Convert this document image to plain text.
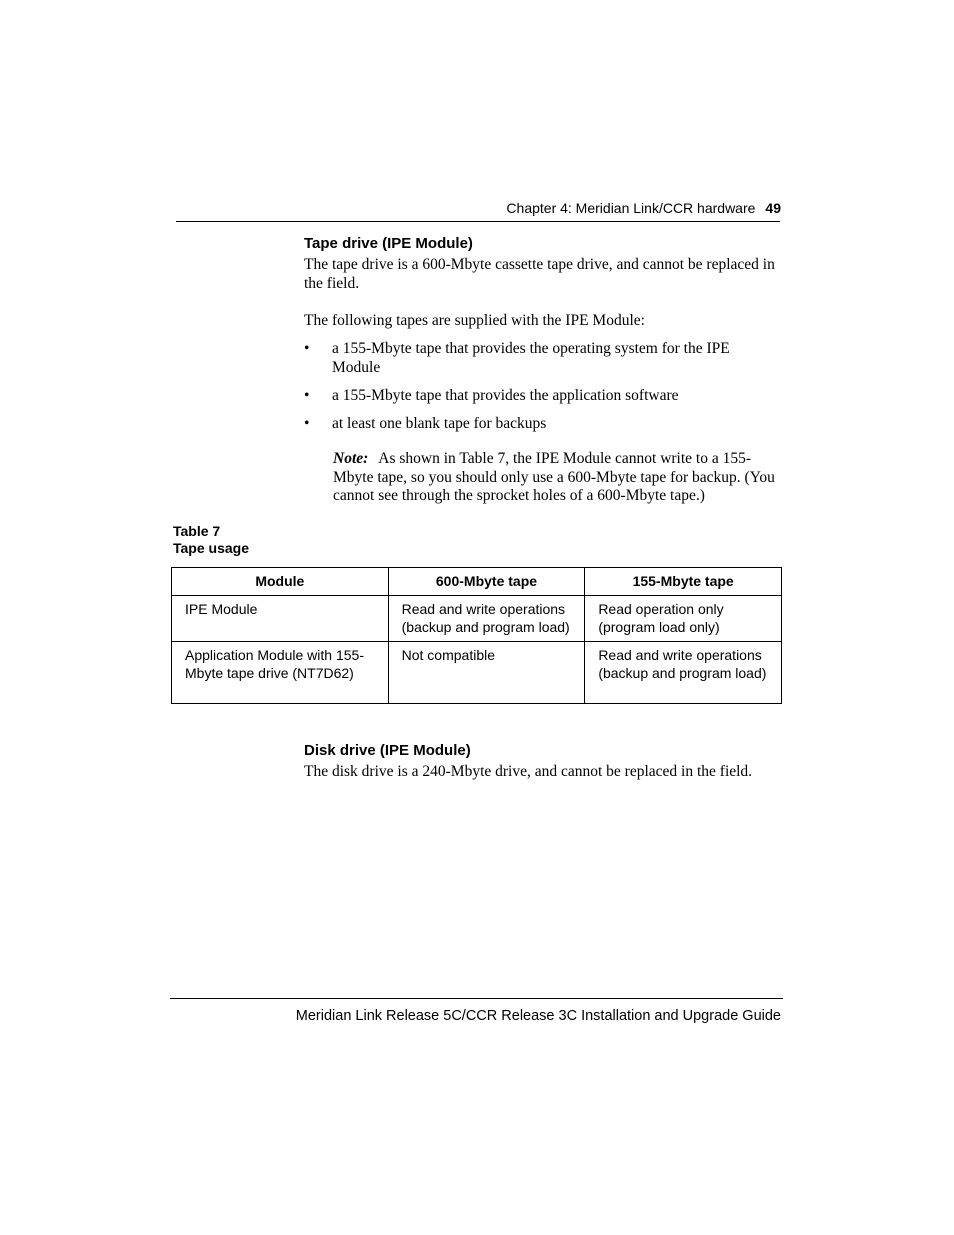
Chapter 4: Meridian Link/CCR hardware 49
Tape drive (IPE Module)

The tape drive is a 600-Mbyte cassette tape drive, and cannot be replaced in the field.

The following tapes are supplied with the IPE Module:

• a 155-Mbyte tape that provides the operating system for the IPE Module
• a 155-Mbyte tape that provides the application software
• at least one blank tape for backups

Note: As shown in Table 7, the IPE Module cannot write to a 155-Mbyte tape, so you should only use a 600-Mbyte tape for backup. (You cannot see through the sprocket holes of a 600-Mbyte tape.)

Table 7
Tape usage
Module	600-Mbyte tape	155-Mbyte tape
IPE Module	Read and write operations (backup and program load)	Read operation only (program load only)
Application Module with 155-Mbyte tape drive (NT7D62)	Not compatible	Read and write operations (backup and program load)
Disk drive (IPE Module)

The disk drive is a 240-Mbyte drive, and cannot be replaced in the field.

Meridian Link Release 5C/CCR Release 3C Installation and Upgrade Guide
